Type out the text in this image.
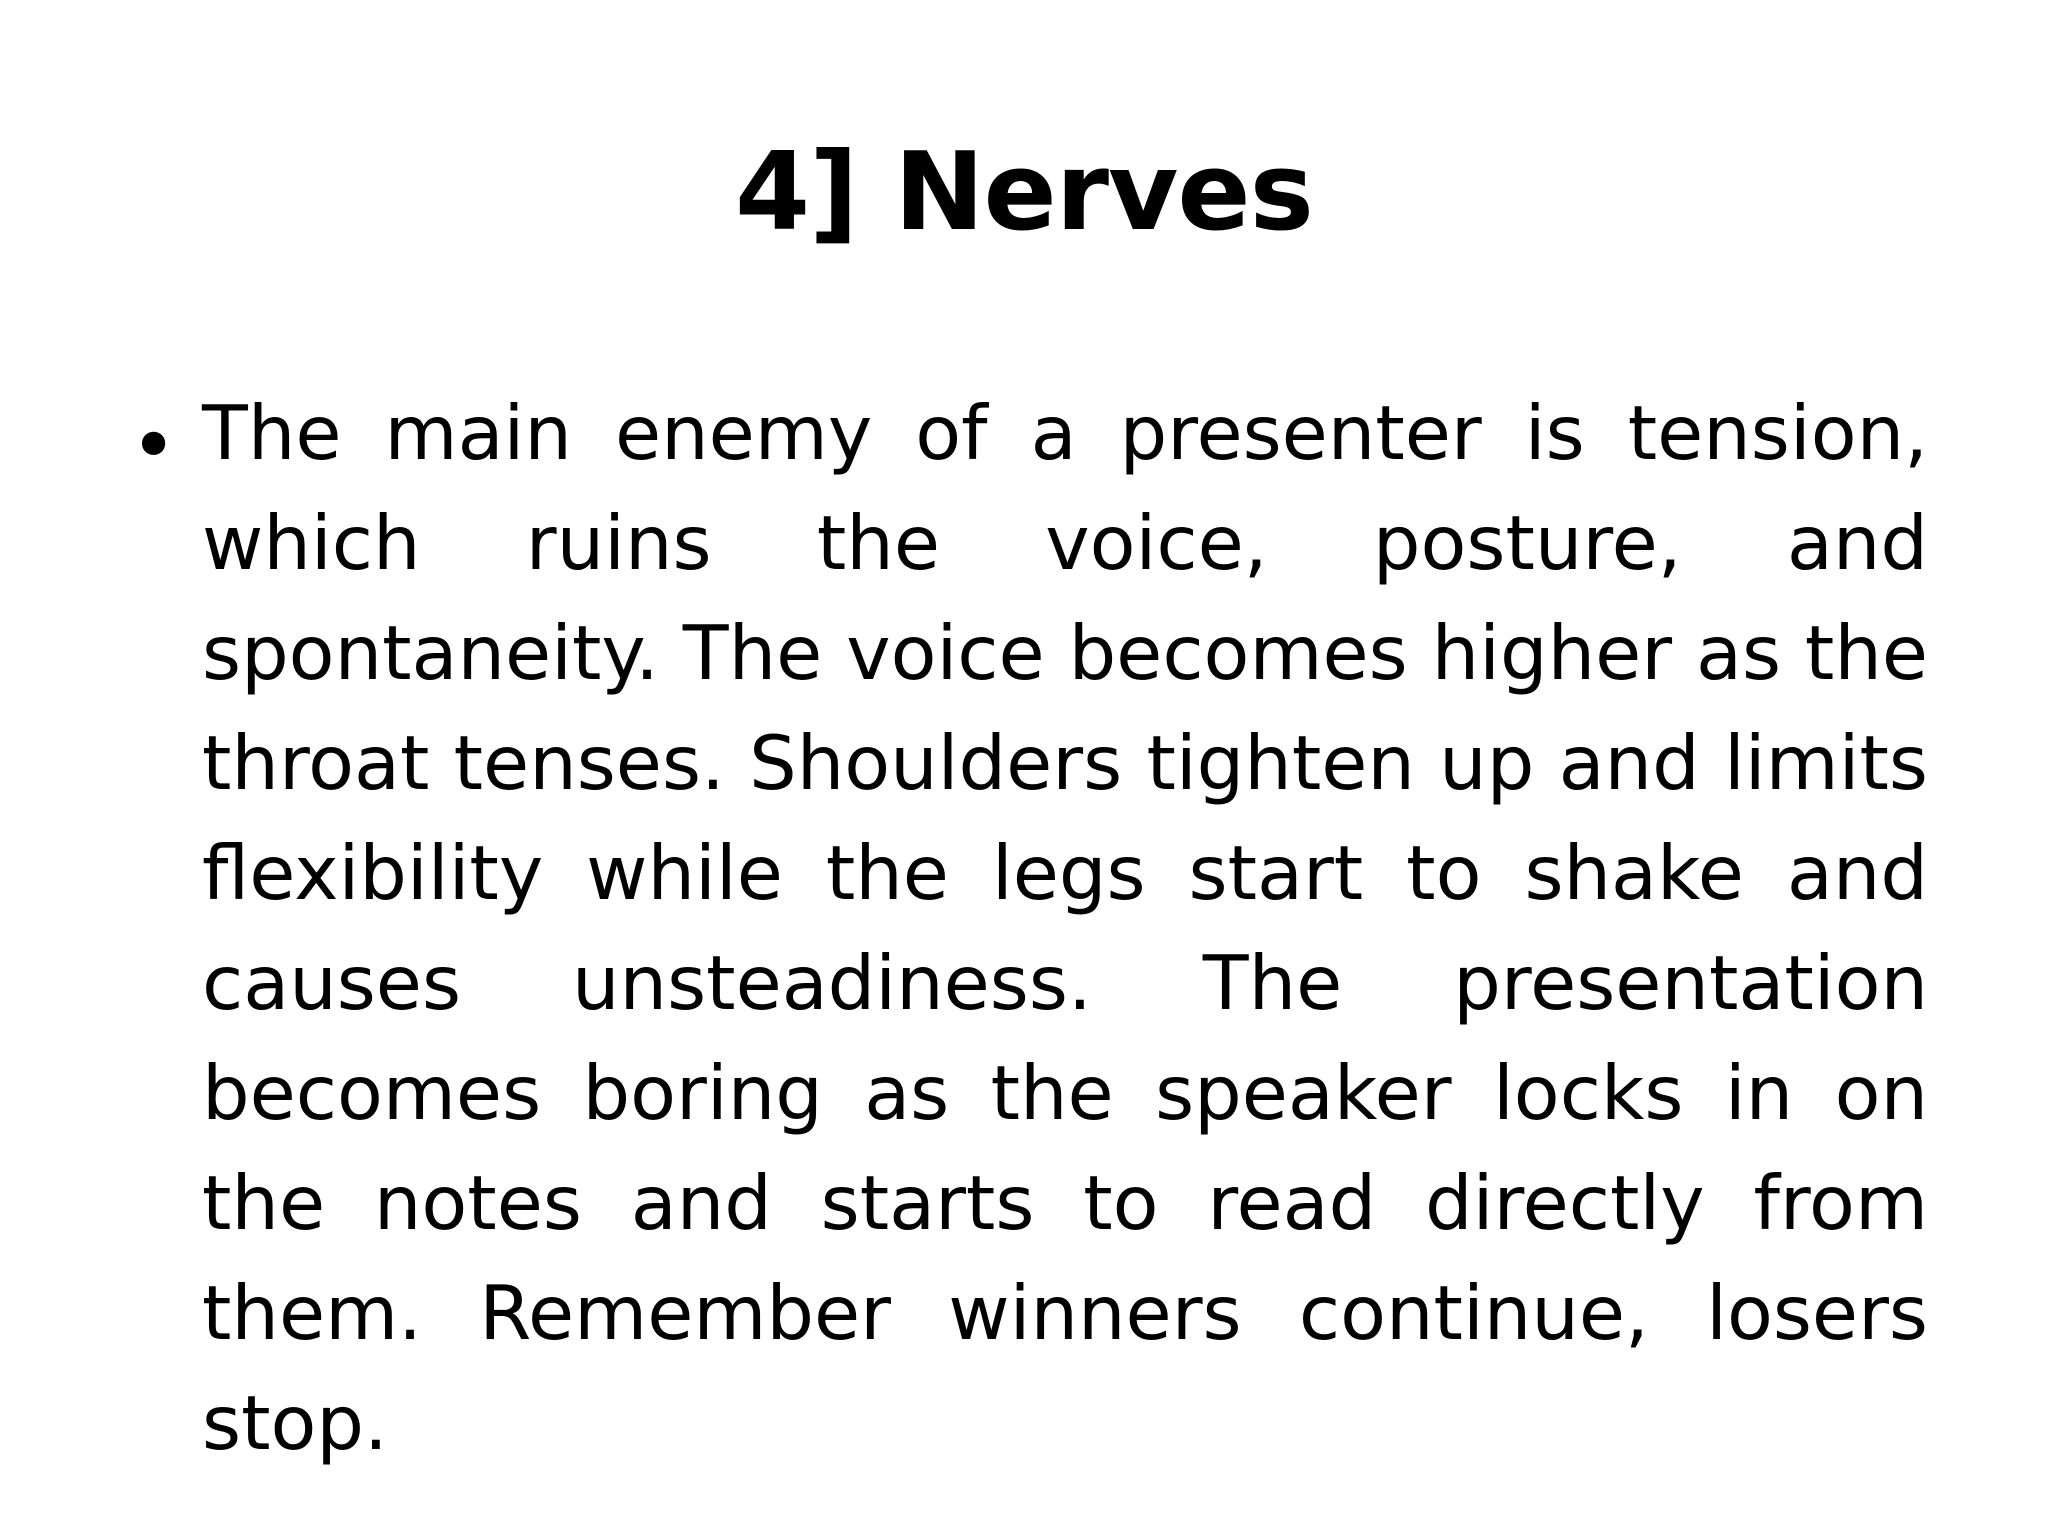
4] Nerves
• The main enemy of a presenter is tension, which ruins the voice, posture, and spontaneity. The voice becomes higher as the throat tenses. Shoulders tighten up and limits flexibility while the legs start to shake and causes unsteadiness. The presentation becomes boring as the speaker locks in on the notes and starts to read directly from them. Remember winners continue, losers stop.
